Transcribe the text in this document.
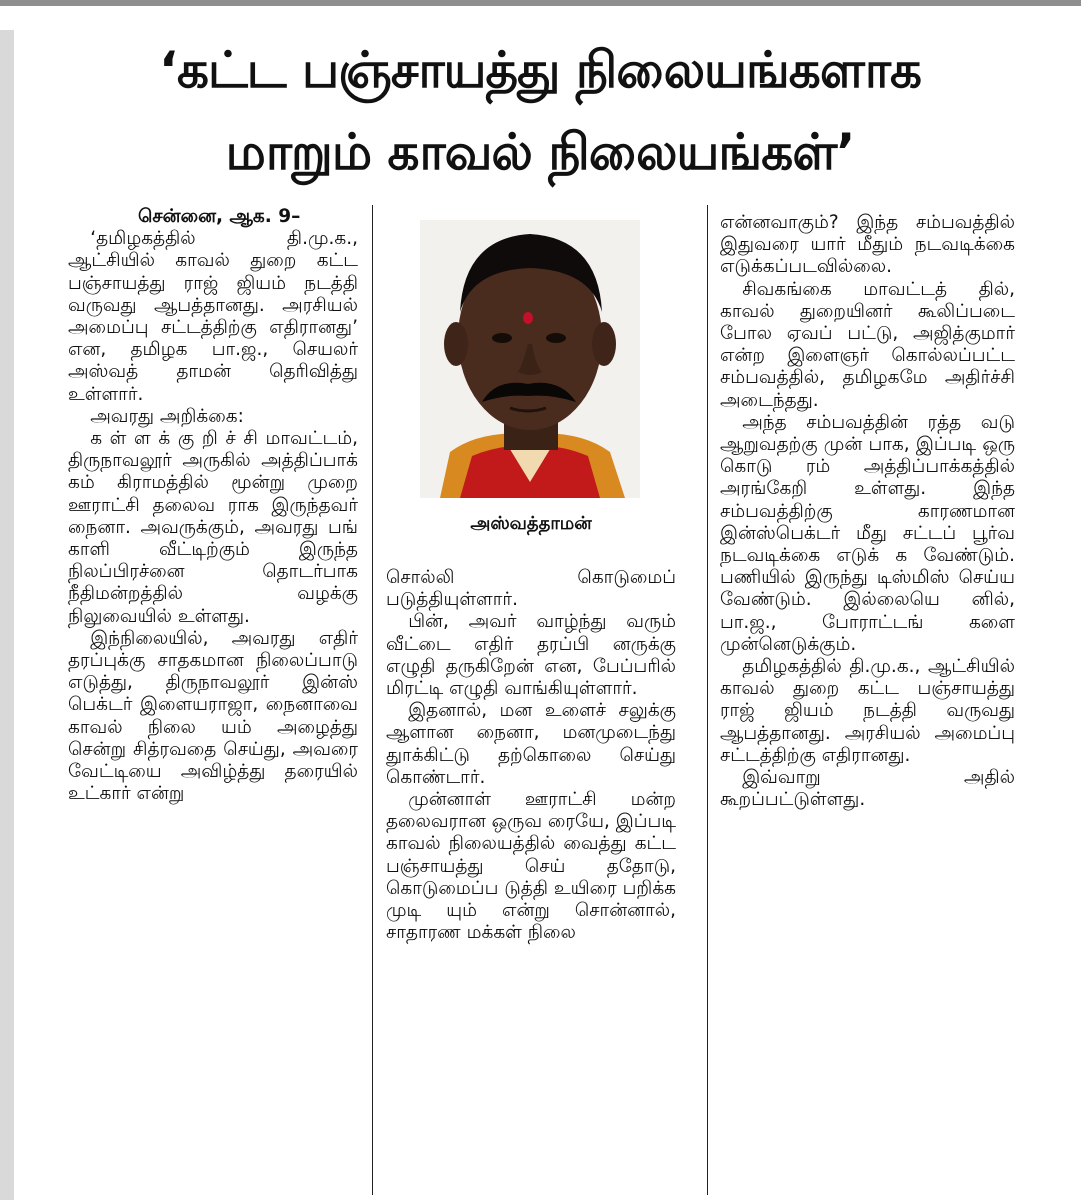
‘கட்ட பஞ்சாயத்து நிலையங்களாக
மாறும் காவல் நிலையங்கள்’

சென்னை, ஆக. 9–

‘தமிழகத்தில் தி.மு.க., ஆட்சியில் காவல் துறை கட்ட பஞ்சாயத்து ராஜ் ஜியம் நடத்தி வருவது ஆபத்தானது. அரசியல் அமைப்பு சட்டத்திற்கு எதிரானது’ என, தமிழக பா.ஜ., செயலர் அஸ்வத் தாமன் தெரிவித்து உள்ளார்.

அவரது அறிக்கை:

க ள் ள க் கு றி ச் சி மாவட்டம், திருநாவலூர் அருகில் அத்திப்பாக் கம் கிராமத்தில் மூன்று முறை ஊராட்சி தலைவ ராக இருந்தவர் நைனா. அவருக்கும், அவரது பங் காளி வீட்டிற்கும் இருந்த நிலப்பிரச்னை தொடர்பாக நீதிமன்றத்தில் வழக்கு நிலுவையில் உள்ளது.

இந்நிலையில், அவரது எதிர் தரப்புக்கு சாதகமான நிலைப்பாடு எடுத்து, திருநாவலூர் இன்ஸ் பெக்டர் இளையராஜா, நைனாவை காவல் நிலை யம் அழைத்து சென்று சித்ரவதை செய்து, அவரை வேட்டியை அவிழ்த்து தரையில் உட்கார் என்று

அஸ்வத்தாமன்

சொல்லி கொடுமைப் படுத்தியுள்ளார்.

பின், அவர் வாழ்ந்து வரும் வீட்டை எதிர் தரப்பி னருக்கு எழுதி தருகிறேன் என, பேப்பரில் மிரட்டி எழுதி வாங்கியுள்ளார்.

இதனால், மன உளைச் சலுக்கு ஆளான நைனா, மனமுடைந்து துாக்கிட்டு தற்கொலை செய்து கொண்டார்.

முன்னாள் ஊராட்சி மன்ற தலைவரான ஒருவ ரையே, இப்படி காவல் நிலையத்தில் வைத்து கட்ட பஞ்சாயத்து செய் ததோடு, கொடுமைப்ப டுத்தி உயிரை பறிக்க முடி யும் என்று சொன்னால், சாதாரண மக்கள் நிலை

என்னவாகும்? இந்த சம்பவத்தில் இதுவரை யார் மீதும் நடவடிக்கை எடுக்கப்படவில்லை.

சிவகங்கை மாவட்டத் தில், காவல் துறையினர் கூலிப்படை போல ஏவப் பட்டு, அஜித்குமார் என்ற இளைஞர் கொல்லப்பட்ட சம்பவத்தில், தமிழகமே அதிர்ச்சி அடைந்தது.

அந்த சம்பவத்தின் ரத்த வடு ஆறுவதற்கு முன் பாக, இப்படி ஒரு கொடு ரம் அத்திப்பாக்கத்தில் அரங்கேறி உள்ளது. இந்த சம்பவத்திற்கு காரணமான இன்ஸ்பெக்டர் மீது சட்டப் பூர்வ நடவடிக்கை எடுக் க வேண்டும். பணியில் இருந்து டிஸ்மிஸ் செய்ய வேண்டும். இல்லையெ னில், பா.ஜ., போராட்டங் களை முன்னெடுக்கும்.

தமிழகத்தில் தி.மு.க., ஆட்சியில் காவல் துறை கட்ட பஞ்சாயத்து ராஜ் ஜியம் நடத்தி வருவது ஆபத்தானது. அரசியல் அமைப்பு சட்டத்திற்கு எதிரானது.

இவ்வாறு அதில் கூறப்பட்டுள்ளது.
